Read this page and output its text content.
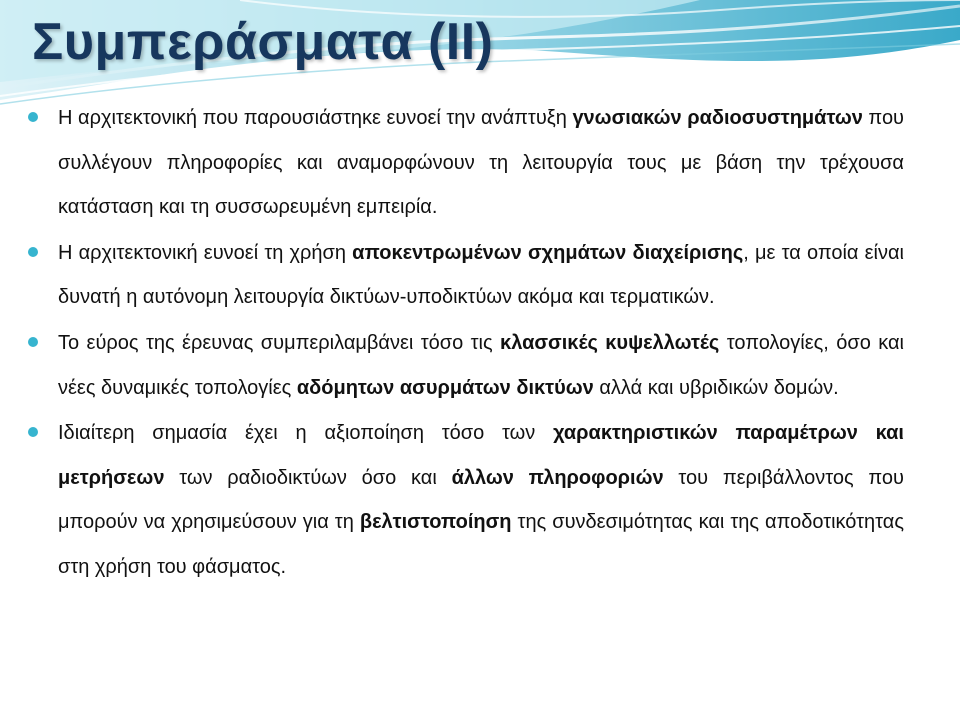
Συμπεράσματα (ΙΙ)
Η αρχιτεκτονική που παρουσιάστηκε ευνοεί την ανάπτυξη γνωσιακών ραδιοσυστημάτων που συλλέγουν πληροφορίες και αναμορφώνουν τη λειτουργία τους με βάση την τρέχουσα κατάσταση και τη συσσωρευμένη εμπειρία.
Η αρχιτεκτονική ευνοεί τη χρήση αποκεντρωμένων σχημάτων διαχείρισης, με τα οποία είναι δυνατή η αυτόνομη λειτουργία δικτύων-υποδικτύων ακόμα και τερματικών.
Το εύρος της έρευνας συμπεριλαμβάνει τόσο τις κλασσικές κυψελλωτές τοπολογίες, όσο και νέες δυναμικές τοπολογίες αδόμητων ασυρμάτων δικτύων αλλά και υβριδικών δομών.
Ιδιαίτερη σημασία έχει η αξιοποίηση τόσο των χαρακτηριστικών παραμέτρων και μετρήσεων των ραδιοδικτύων όσο και άλλων πληροφοριών του περιβάλλοντος που μπορούν να χρησιμεύσουν για τη βελτιστοποίηση της συνδεσιμότητας και της αποδοτικότητας στη χρήση του φάσματος.
